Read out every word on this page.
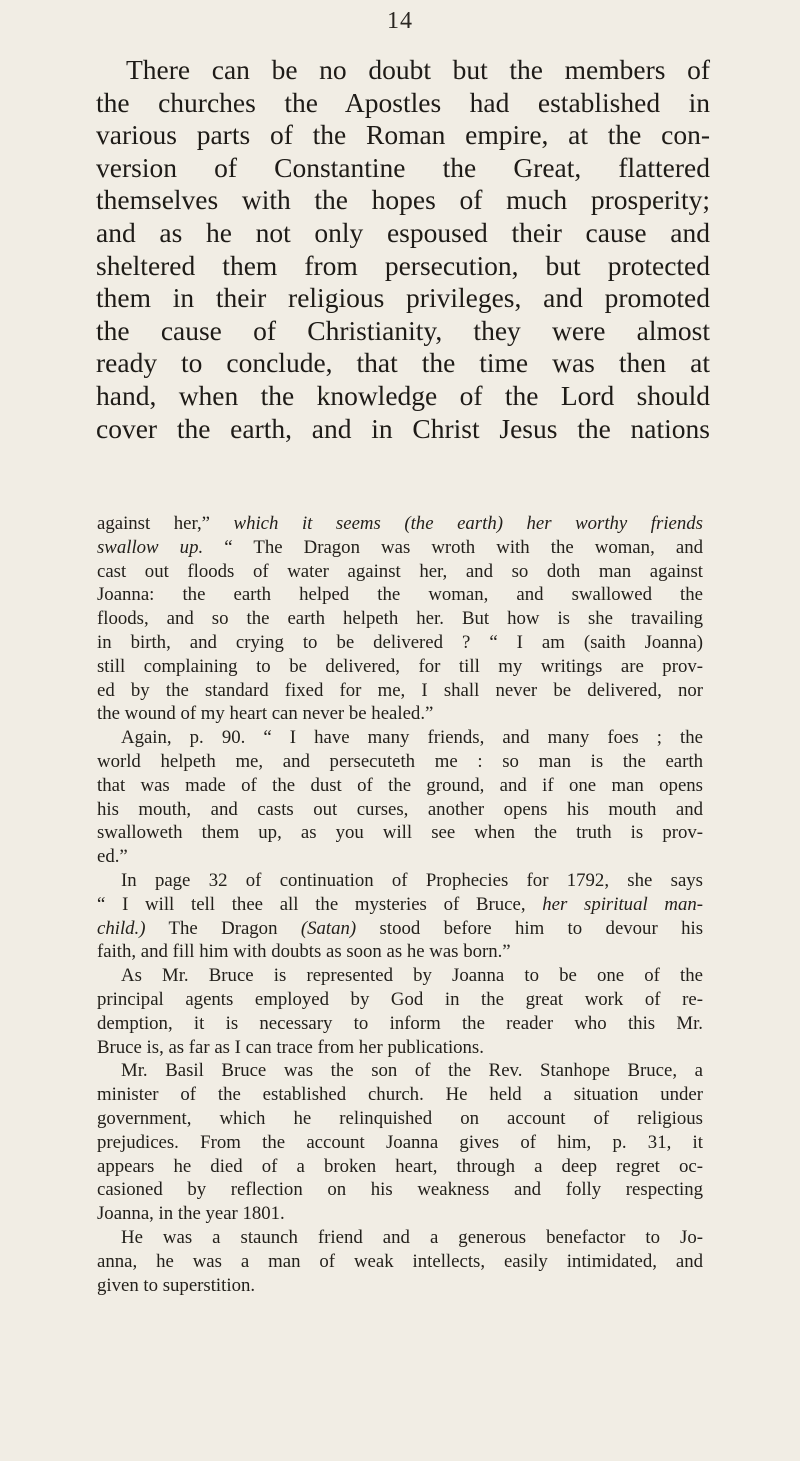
14
There can be no doubt but the members of
the churches the Apostles had established in
various parts of the Roman empire, at the con-
version of Constantine the Great, flattered
themselves with the hopes of much prosperity;
and as he not only espoused their cause and
sheltered them from persecution, but protected
them in their religious privileges, and promoted
the cause of Christianity, they were almost
ready to conclude, that the time was then at
hand, when the knowledge of the Lord should
cover the earth, and in Christ Jesus the nations
against her,” which it seems (the earth) her worthy friends
swallow up. “ The Dragon was wroth with the woman, and
cast out floods of water against her, and so doth man against
Joanna: the earth helped the woman, and swallowed the
floods, and so the earth helpeth her. But how is she travailing
in birth, and crying to be delivered ? “ I am (saith Joanna)
still complaining to be delivered, for till my writings are prov-
ed by the standard fixed for me, I shall never be delivered, nor
the wound of my heart can never be healed.”
Again, p. 90. “ I have many friends, and many foes ; the
world helpeth me, and persecuteth me : so man is the earth
that was made of the dust of the ground, and if one man opens
his mouth, and casts out curses, another opens his mouth and
swalloweth them up, as you will see when the truth is prov-
ed.”
In page 32 of continuation of Prophecies for 1792, she says
“ I will tell thee all the mysteries of Bruce, her spiritual man-
child.) The Dragon (Satan) stood before him to devour his
faith, and fill him with doubts as soon as he was born.”
As Mr. Bruce is represented by Joanna to be one of the
principal agents employed by God in the great work of re-
demption, it is necessary to inform the reader who this Mr.
Bruce is, as far as I can trace from her publications.
Mr. Basil Bruce was the son of the Rev. Stanhope Bruce, a
minister of the established church. He held a situation under
government, which he relinquished on account of religious
prejudices. From the account Joanna gives of him, p. 31, it
appears he died of a broken heart, through a deep regret oc-
casioned by reflection on his weakness and folly respecting
Joanna, in the year 1801.
He was a staunch friend and a generous benefactor to Jo-
anna, he was a man of weak intellects, easily intimidated, and
given to superstition.
